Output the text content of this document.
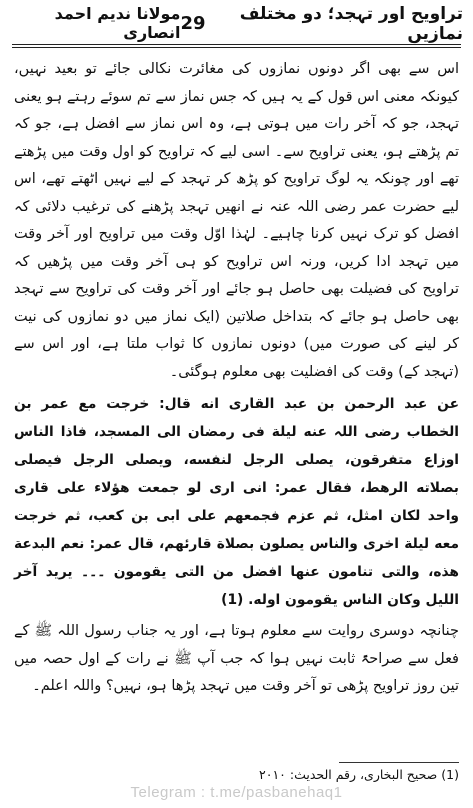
تراویح اور تہجد؛ دو مختلف نمازیں
29
مولانا ندیم احمد انصاری

اس سے بھی اگر دونوں نمازوں کی مغائرت نکالی جائے تو بعید نہیں، کیونکہ معنی اس قول کے یہ ہیں کہ جس نماز سے تم سوئے رہتے ہو یعنی تہجد، جو کہ آخر رات میں ہوتی ہے، وہ اس نماز سے افضل ہے، جو کہ تم پڑھتے ہو، یعنی تراویح سے۔ اسی لیے کہ تراویح کو اول وقت میں پڑھتے تھے اور چونکہ یہ لوگ تراویح کو پڑھ کر تہجد کے لیے نہیں اٹھتے تھے، اس لیے حضرت عمر رضی اللہ عنہ نے انھیں تہجد پڑھنے کی ترغیب دلائی کہ افضل کو ترک نہیں کرنا چاہیے۔ لہٰذا اوّل وقت میں تراویح اور آخر وقت میں تہجد ادا کریں، ورنہ اس تراویح کو ہی آخر وقت میں پڑھیں کہ تراویح کی فضیلت بھی حاصل ہو جائے اور آخر وقت کی تراویح سے تہجد بھی حاصل ہو جائے کہ بتداخل صلاتین (ایک نماز میں دو نمازوں کی نیت کر لینے کی صورت میں) دونوں نمازوں کا ثواب ملتا ہے، اور اس سے (تہجد کے) وقت کی افضلیت بھی معلوم ہوگئی۔

عن عبد الرحمن بن عبد القاری انه قال: خرجت مع عمر بن الخطاب رضی اللہ عنه لیلة فی رمضان الی المسجد، فاذا الناس اوزاع متفرقون، یصلی الرجل لنفسه، ویصلی الرجل فیصلی بصلاته الرهط، فقال عمر: انی اری لو جمعت هؤلاء علی قاری واحد لکان امثل، ثم عزم فجمعهم علی ابی بن کعب، ثم خرجت معه لیلة اخری والناس یصلون بصلاة قارئهم، قال عمر: نعم البدعة هذه، والتی تنامون عنها افضل من التی یقومون ۔۔۔ یرید آخر اللیل وکان الناس یقومون اوله. (1)

چنانچہ دوسری روایت سے معلوم ہوتا ہے، اور یہ جناب رسول اللہ ﷺ کے فعل سے صراحۃً ثابت نہیں ہوا کہ جب آپ ﷺ نے رات کے اول حصہ میں تین روز تراویح پڑھی تو آخر وقت میں تہجد پڑھا ہو، نہیں؟ واللہ اعلم۔

(1) صحیح البخاری، رقم الحدیث: ۲۰۱۰
Telegram : t.me/pasbanehaq1
